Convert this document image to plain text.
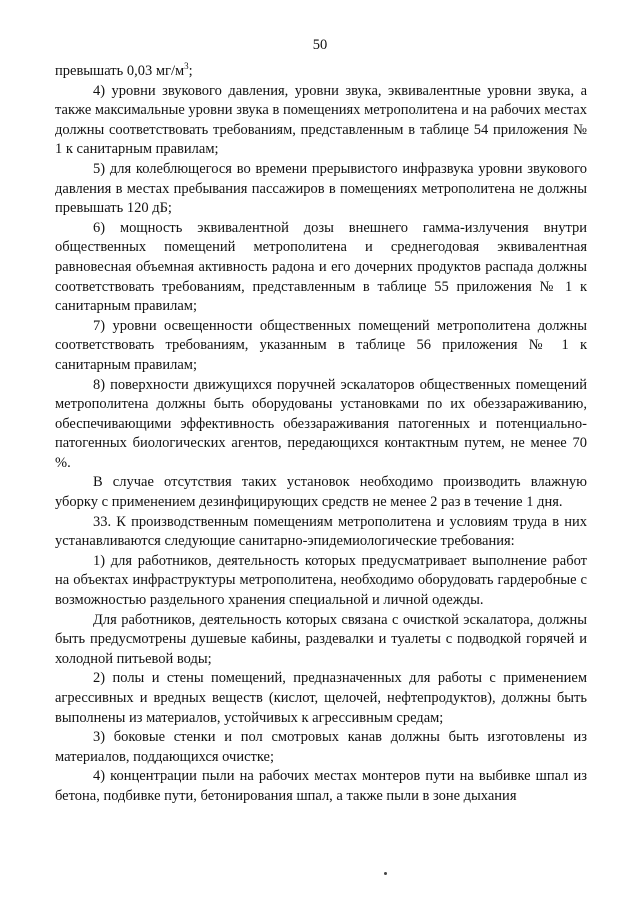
50

превышать 0,03 $мг/м^3$;

4) уровни звукового давления, уровни звука, эквивалентные уровни звука, а также максимальные уровни звука в помещениях метрополитена и на рабочих местах должны соответствовать требованиям, представленным в таблице 54 приложения № 1 к санитарным правилам;

5) для колеблющегося во времени прерывистого инфразвука уровни звукового давления в местах пребывания пассажиров в помещениях метрополитена не должны превышать 120 дБ;

6) мощность эквивалентной дозы внешнего гамма-излучения внутри общественных помещений метрополитена и среднегодовая эквивалентная равновесная объемная активность радона и его дочерних продуктов распада должны соответствовать требованиям, представленным в таблице 55 приложения № 1 к санитарным правилам;

7) уровни освещенности общественных помещений метрополитена должны соответствовать требованиям, указанным в таблице 56 приложения № 1 к санитарным правилам;

8) поверхности движущихся поручней эскалаторов общественных помещений метрополитена должны быть оборудованы установками по их обеззараживанию, обеспечивающими эффективность обеззараживания патогенных и потенциально-патогенных биологических агентов, передающихся контактным путем, не менее 70 %.

В случае отсутствия таких установок необходимо производить влажную уборку с применением дезинфицирующих средств не менее 2 раз в течение 1 дня.

33. К производственным помещениям метрополитена и условиям труда в них устанавливаются следующие санитарно-эпидемиологические требования:

1) для работников, деятельность которых предусматривает выполнение работ на объектах инфраструктуры метрополитена, необходимо оборудовать гардеробные с возможностью раздельного хранения специальной и личной одежды.

Для работников, деятельность которых связана с очисткой эскалатора, должны быть предусмотрены душевые кабины, раздевалки и туалеты с подводкой горячей и холодной питьевой воды;

2) полы и стены помещений, предназначенных для работы с применением агрессивных и вредных веществ (кислот, щелочей, нефтепродуктов), должны быть выполнены из материалов, устойчивых к агрессивным средам;

3) боковые стенки и пол смотровых канав должны быть изготовлены из материалов, поддающихся очистке;

4) концентрации пыли на рабочих местах монтеров пути на выбивке шпал из бетона, подбивке пути, бетонирования шпал, а также пыли в зоне дыхания
